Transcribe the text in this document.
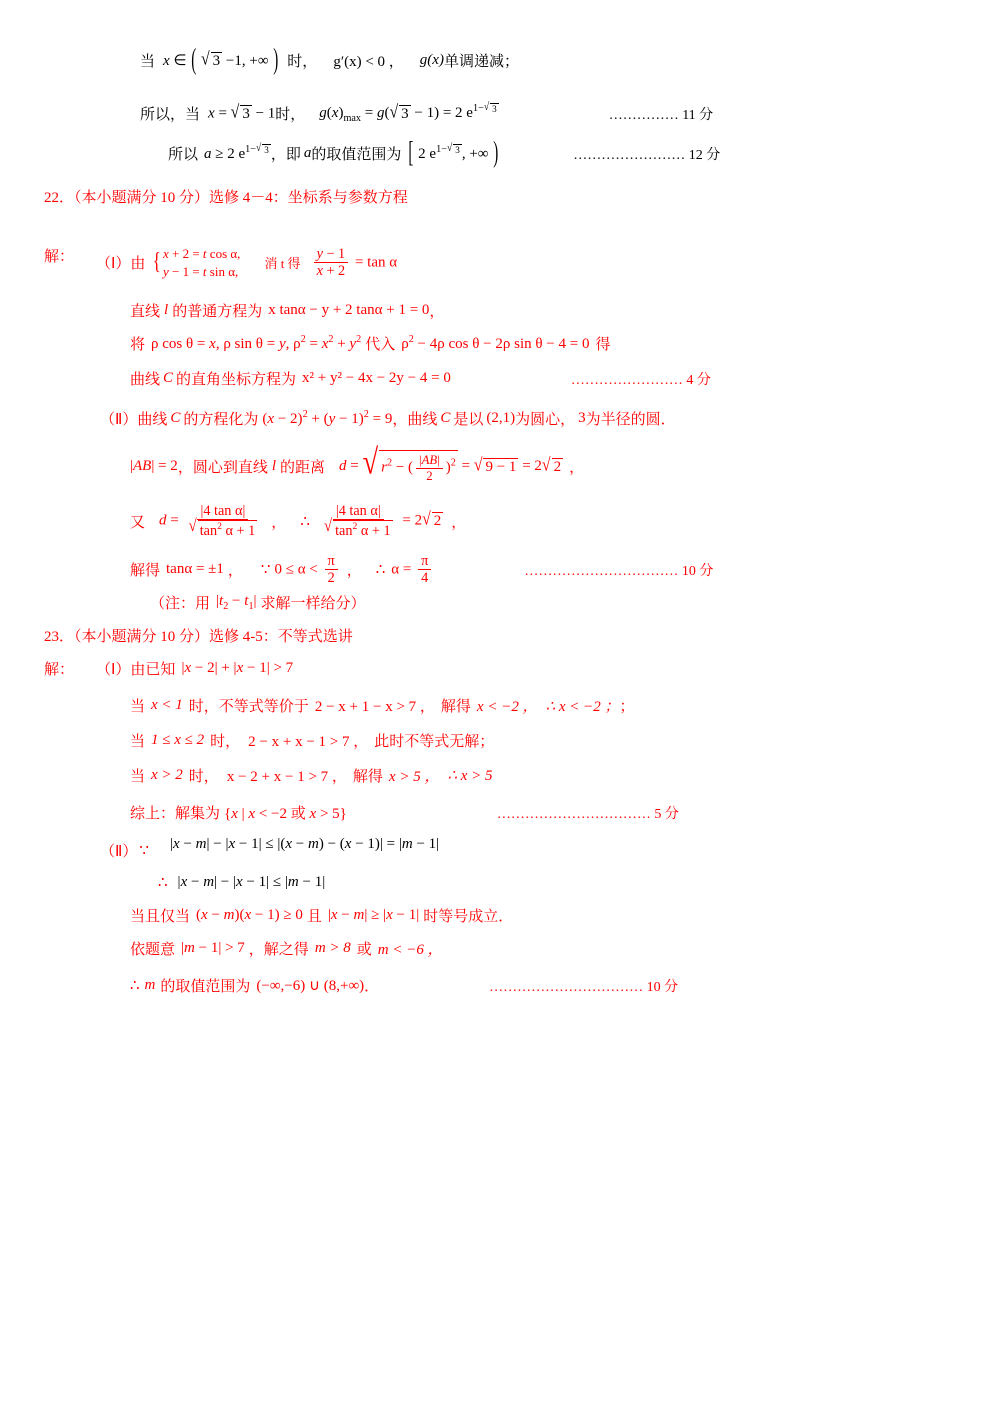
当 x ∈ ( √ 3 −1, +∞ ) 时， g′(x) < 0 ， g(x) 单调递减；
所以，当 x = √ 3 − 1 时， $g(x)_{max} = g$( √ 3 − 1) = 2 $e^{1- √ 3}$	…………… 11 分
所以 a ≥ 2 $e^{1- √ 3}$ ，即 a 的取值范围为 [ 2 $e^{1- √ 3}$ , +∞ )	…………………… 12 分
22．（本小题满分 10 分）选修 4－4：坐标系与参数方程
解： （Ⅰ）由 { x + 2 = t cos α,
y − 1 = t sin α, 消 t 得 $\frac{y - 1}{x + 2} = \tan \alpha$
直线 l 的普通方程为 x tanα − y + 2 tanα + 1 = 0 ，
将 ρ cos θ = x, ρ sin θ = y, $\rho^2 = x^2 + y^2$ 代入 $\rho^2 - 4\rho$ cos θ − 2ρ sin θ − 4 = 0 得
曲线 C 的直角坐标方程为 x² + y² − 4x − 2y − 4 = 0	…………………… 4 分
（Ⅱ）曲线 C 的方程化为 $(x - 2)^2 + (y - 1)^2 = 9$ ，曲线 C 是以 (2,1) 为圆心， 3 为半径的圆．
|AB| = 2 ，圆心到直线 l 的距离 d = √ $r^2$ − ( $\frac{|AB|}{2} )^2$ = √ 9 − 1 = 2 √ 2 ，
又 $d = \frac{\text{|4 tan α|}}{√ \tan^2 \alpha + 1}$ ， ∴ $\frac{\text{|4 tan α|}}{√ \tan^2 \alpha + 1} = 2$ √ 2 ，
解得 tanα = ±1 ， ∵ $0 \le \alpha < \frac{\pi}{2}$ ， ∴ $\alpha = \frac{\pi}{4}$	…………………………… 10 分
（注：用 $|t_2 - t_1|$ 求解一样给分）
23．（本小题满分 10 分）选修 4-5：不等式选讲
解： （Ⅰ）由已知 |x − 2| + |x − 1| > 7
当 x < 1 时，不等式等价于 2 − x + 1 − x > 7 ， 解得 x < −2 ， ∴ x < −2 ； ；
当 1 ≤ x ≤ 2 时， 2 − x + x − 1 > 7 ， 此时不等式无解；
当 x > 2 时， x − 2 + x − 1 > 7 ， 解得 x > 5 ， ∴ x > 5
综上：解集为 {x | x < −2 或 x > 5}	…………………………… 5 分
（Ⅱ） ∵ |x − m| − |x − 1| ≤ |(x − m) − (x − 1)| = |m − 1|
∴ |x − m| − |x − 1| ≤ |m − 1|
当且仅当 (x − m)(x − 1) ≥ 0 且 |x − m| ≥ |x − 1| 时等号成立．
依题意 |m − 1| > 7 ，解之得 m > 8 或 m < −6 ，
∴ m 的取值范围为 (−∞,−6) ∪ (8,+∞) ．	…………………………… 10 分
